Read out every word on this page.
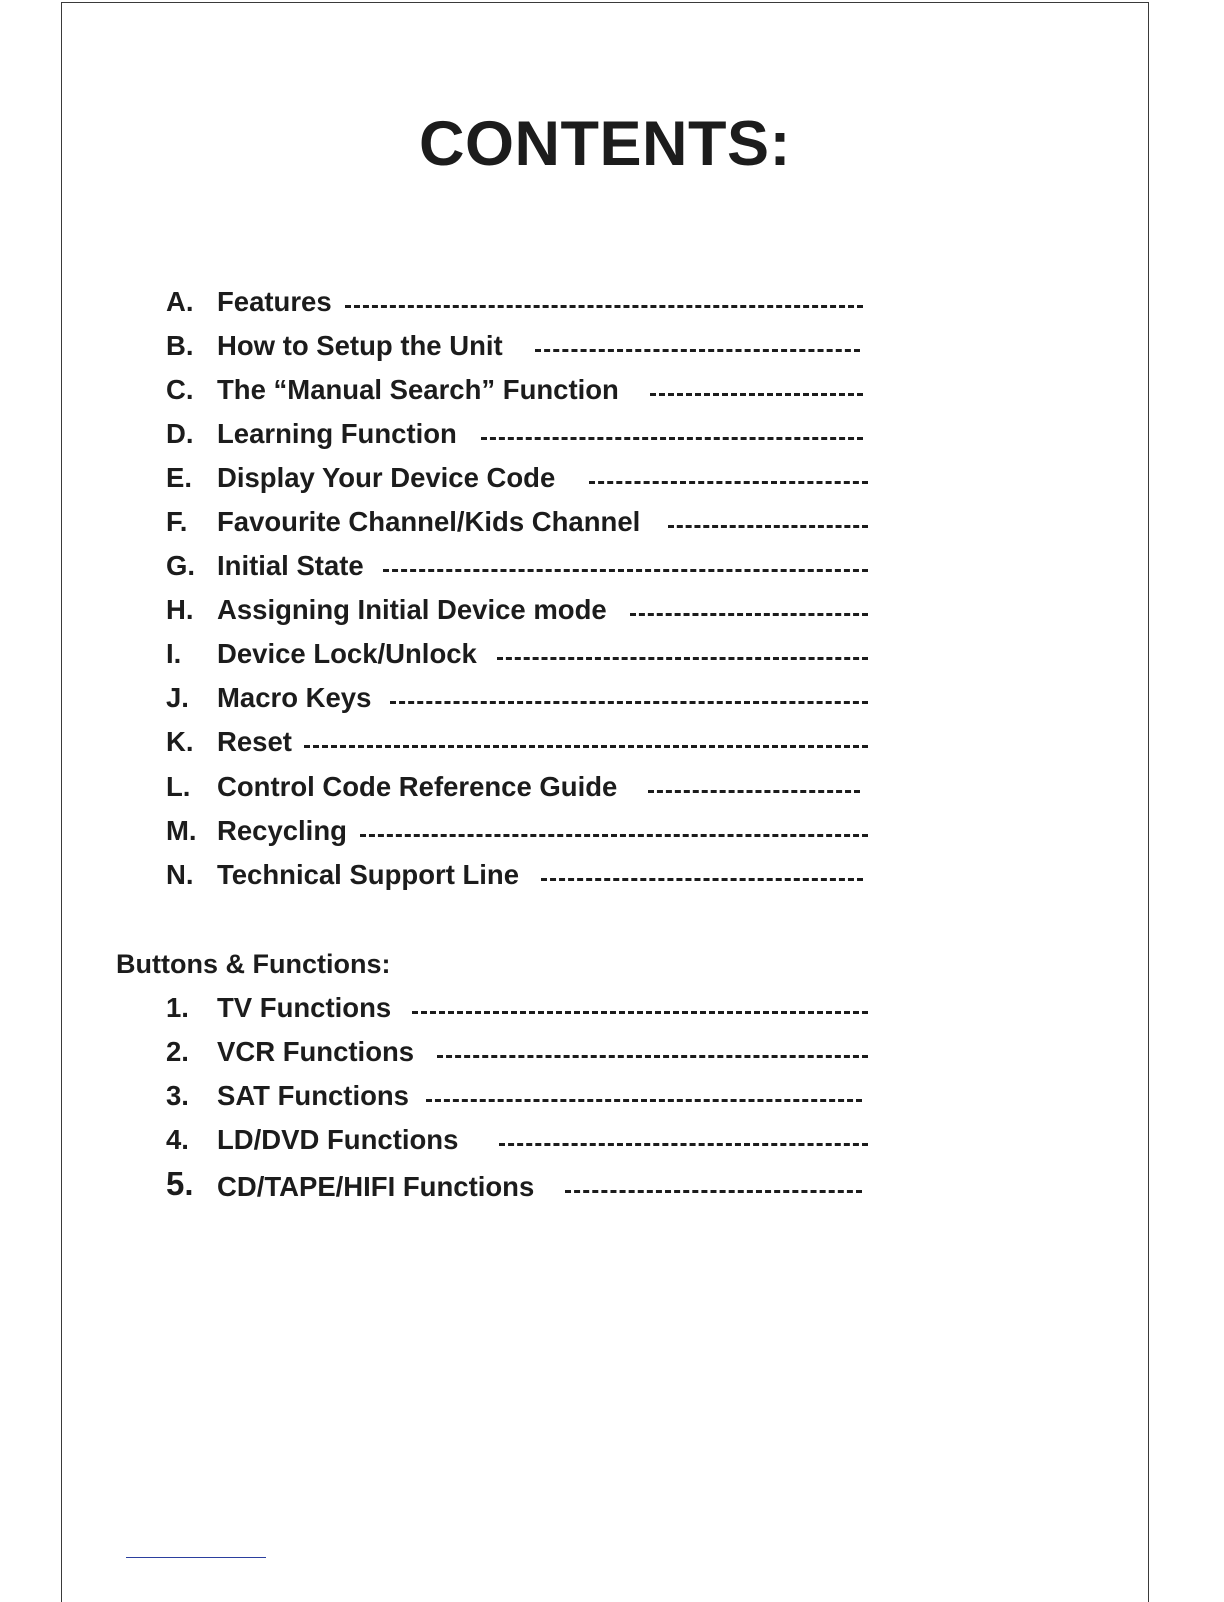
CONTENTS:
A. Features
B. How to Setup the Unit
C. The “Manual Search” Function
D. Learning Function
E. Display Your Device Code
F. Favourite Channel/Kids Channel
G. Initial State
H. Assigning Initial Device mode
I. Device Lock/Unlock
J. Macro Keys
K. Reset
L. Control Code Reference Guide
M. Recycling
N. Technical Support Line
Buttons & Functions:
1. TV Functions
2. VCR Functions
3. SAT Functions
4. LD/DVD Functions
5. CD/TAPE/HIFI Functions
